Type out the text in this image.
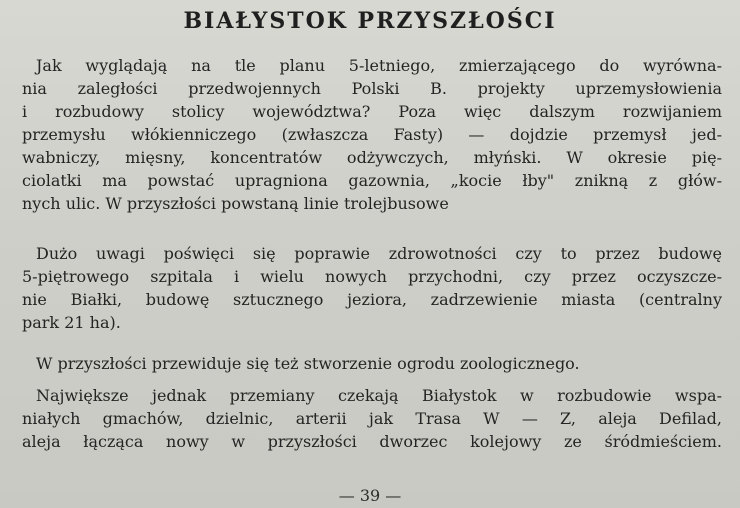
BIAŁYSTOK PRZYSZŁOŚCI
Jak wyglądają na tle planu 5-letniego, zmierzającego do wyrówna-
nia zaległości przedwojennych Polski B. projekty uprzemysłowienia
i rozbudowy stolicy województwa? Poza więc dalszym rozwijaniem
przemysłu włókienniczego (zwłaszcza Fasty) — dojdzie przemysł jed-
wabniczy, mięsny, koncentratów odżywczych, młyński. W okresie pię-
ciolatki ma powstać upragniona gazownia, „kocie łby" znikną z głów-
nych ulic. W przyszłości powstaną linie trolejbusowe
Dużo uwagi poświęci się poprawie zdrowotności czy to przez budowę
5-piętrowego szpitala i wielu nowych przychodni, czy przez oczyszcze-
nie Białki, budowę sztucznego jeziora, zadrzewienie miasta (centralny
park 21 ha).
W przyszłości przewiduje się też stworzenie ogrodu zoologicznego.
Największe jednak przemiany czekają Białystok w rozbudowie wspa-
niałych gmachów, dzielnic, arterii jak Trasa W — Z, aleja Defilad,
aleja łącząca nowy w przyszłości dworzec kolejowy ze śródmieściem.
— 39 —
